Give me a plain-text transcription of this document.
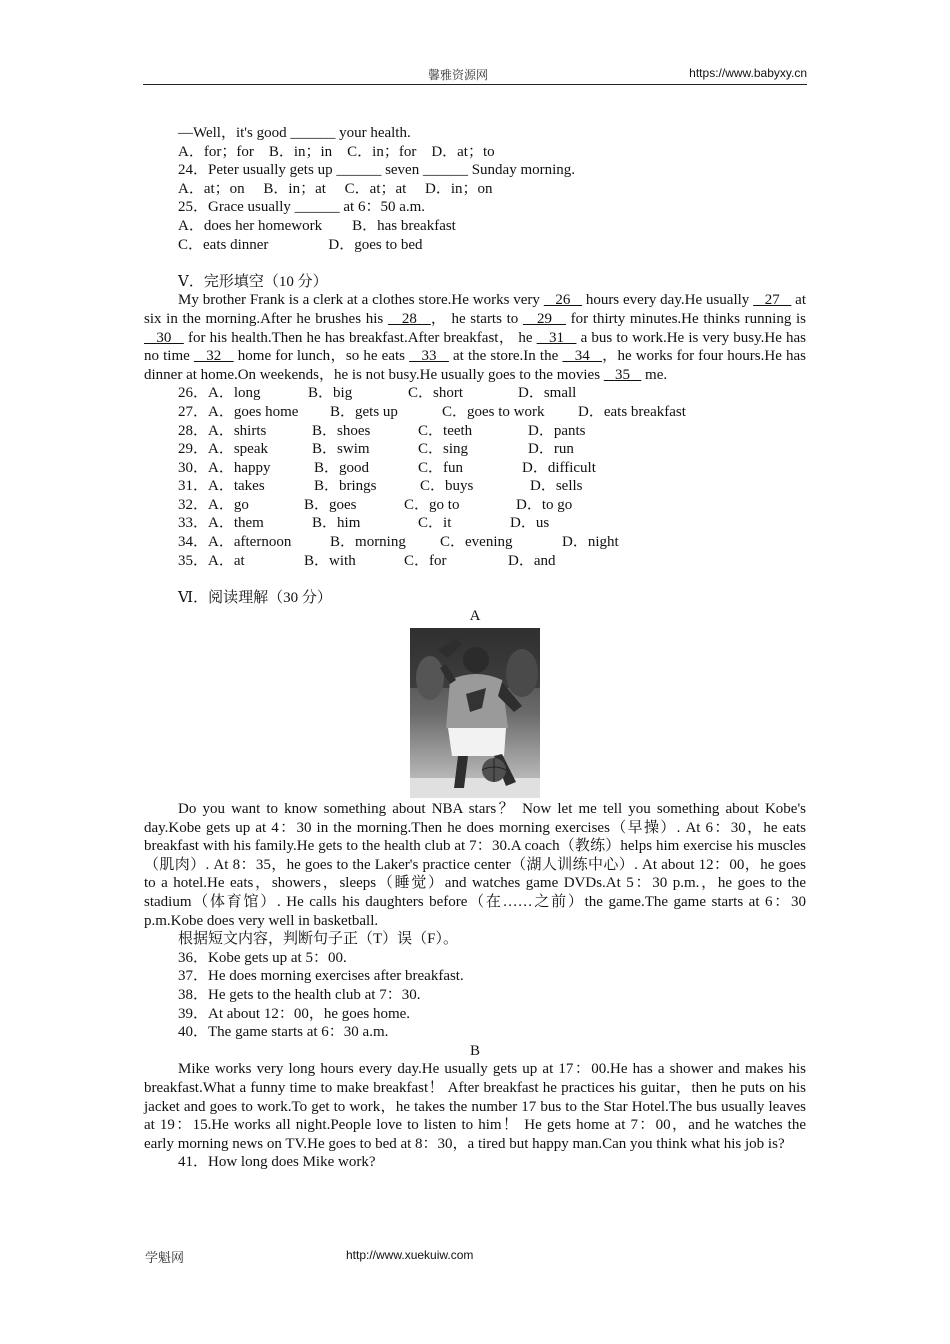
馨雅资源网	https://www.babyxy.cn
—Well，it's good ______ your health.
A．for；for　B．in；in　C．in；for　D．at；to
24．Peter usually gets up ______ seven ______ Sunday morning.
A．at；on　 B．in；at　 C．at；at　 D．in；on
25．Grace usually ______ at 6：50 a.m.
A．does her homework　　B．has breakfast
C．eats dinner　　　　D．goes to bed
Ⅴ．完形填空（10 分）
My brother Frank is a clerk at a clothes store.He works very    26    hours every day.He usually    27    at six in the morning.After he brushes his    28   ， he starts to    29    for thirty minutes.He thinks running is    30    for his health.Then he has breakfast.After breakfast， he    31    a bus to work.He is very busy.He has no time    32    home for lunch，so he eats    33    at the store.In the    34   ，he works for four hours.He has dinner at home.On weekends，he is not busy.He usually goes to the movies    35    me.
26．A．long	B．big	C．short	D．small
27．A．goes home B．gets up	C．goes to work D．eats breakfast
28．A．shirts	B．shoes	C．teeth	D．pants
29．A．speak	B．swim	C．sing	D．run
30．A．happy	B．good	C．fun	D．difficult
31．A．takes	B．brings	C．buys	D．sells
32．A．go	B．goes	C．go to	D．to go
33．A．them	B．him	C．it	D．us
34．A．afternoon	B．morning C．evening	D．night
35．A．at	B．with	C．for	D．and
Ⅵ．阅读理解（30 分）
A
Do you want to know something about NBA stars？ Now let me tell you something about Kobe's day.Kobe gets up at 4：30 in the morning.Then he does morning exercises（早操）. At 6：30，he eats breakfast with his family.He gets to the health club at 7：30.A coach（教练）helps him exercise his muscles（肌肉）. At 8：35，he goes to the Laker's practice center（湖人训练中心）. At about 12：00，he goes to a hotel.He eats，showers，sleeps（睡觉）and watches game DVDs.At 5：30 p.m.，he goes to the stadium（体育馆）. He calls his daughters before（在……之前）the game.The game starts at 6：30 p.m.Kobe does very well in basketball.
根据短文内容，判断句子正（T）误（F）。
36．Kobe gets up at 5：00.
37．He does morning exercises after breakfast.
38．He gets to the health club at 7：30.
39．At about 12：00，he goes home.
40．The game starts at 6：30 a.m.
B
Mike works very long hours every day.He usually gets up at 17：00.He has a shower and makes his breakfast.What a funny time to make breakfast！ After breakfast he practices his guitar，then he puts on his jacket and goes to work.To get to work，he takes the number 17 bus to the Star Hotel.The bus usually leaves at 19：15.He works all night.People love to listen to him！ He gets home at 7：00，and he watches the early morning news on TV.He goes to bed at 8：30，a tired but happy man.Can you think what his job is?
41．How long does Mike work?
学魁网	http://www.xuekuiw.com
